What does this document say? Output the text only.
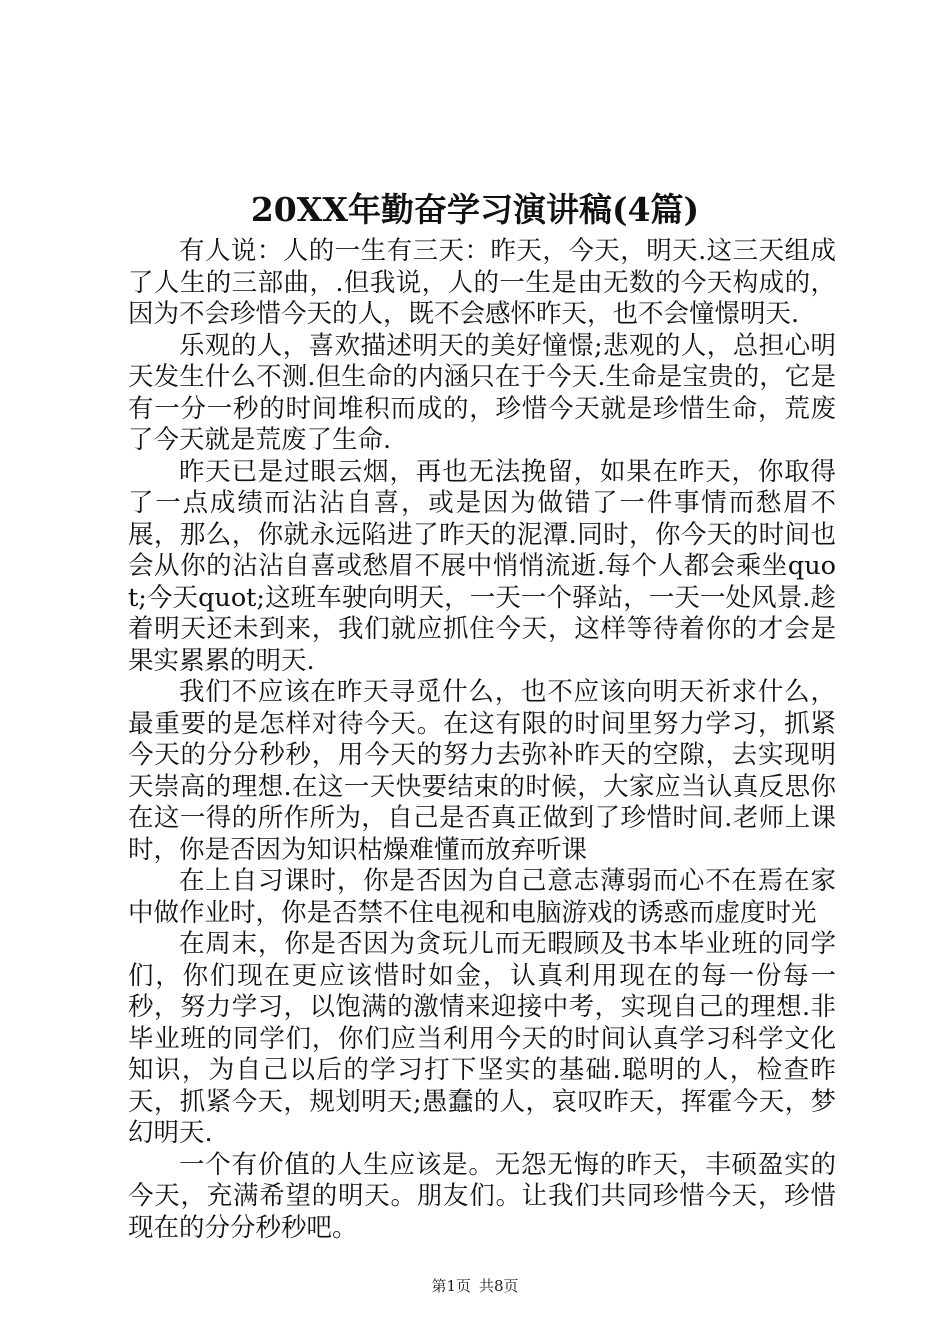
20XX年勤奋学习演讲稿(4篇)

有人说：人的一生有三天：昨天，今天，明天.这三天组成了人生的三部曲，.但我说，人的一生是由无数的今天构成的，因为不会珍惜今天的人，既不会感怀昨天，也不会憧憬明天.

乐观的人，喜欢描述明天的美好憧憬;悲观的人，总担心明天发生什么不测.但生命的内涵只在于今天.生命是宝贵的，它是有一分一秒的时间堆积而成的，珍惜今天就是珍惜生命，荒废了今天就是荒废了生命.

昨天已是过眼云烟，再也无法挽留，如果在昨天，你取得了一点成绩而沾沾自喜，或是因为做错了一件事情而愁眉不展，那么，你就永远陷进了昨天的泥潭.同时，你今天的时间也会从你的沾沾自喜或愁眉不展中悄悄流逝.每个人都会乘坐quot;今天quot;这班车驶向明天，一天一个驿站，一天一处风景.趁着明天还未到来，我们就应抓住今天，这样等待着你的才会是果实累累的明天.

我们不应该在昨天寻觅什么，也不应该向明天祈求什么，最重要的是怎样对待今天。在这有限的时间里努力学习，抓紧今天的分分秒秒，用今天的努力去弥补昨天的空隙，去实现明天崇高的理想.在这一天快要结束的时候，大家应当认真反思你在这一得的所作所为，自己是否真正做到了珍惜时间.老师上课时，你是否因为知识枯燥难懂而放弃听课

在上自习课时，你是否因为自己意志薄弱而心不在焉在家中做作业时，你是否禁不住电视和电脑游戏的诱惑而虚度时光

在周末，你是否因为贪玩儿而无暇顾及书本毕业班的同学们，你们现在更应该惜时如金，认真利用现在的每一份每一秒，努力学习，以饱满的激情来迎接中考，实现自己的理想.非毕业班的同学们，你们应当利用今天的时间认真学习科学文化知识，为自己以后的学习打下坚实的基础.聪明的人，检查昨天，抓紧今天，规划明天;愚蠢的人，哀叹昨天，挥霍今天，梦幻明天.

一个有价值的人生应该是。无怨无悔的昨天，丰硕盈实的今天，充满希望的明天。朋友们。让我们共同珍惜今天，珍惜现在的分分秒秒吧。

第1页 共8页
